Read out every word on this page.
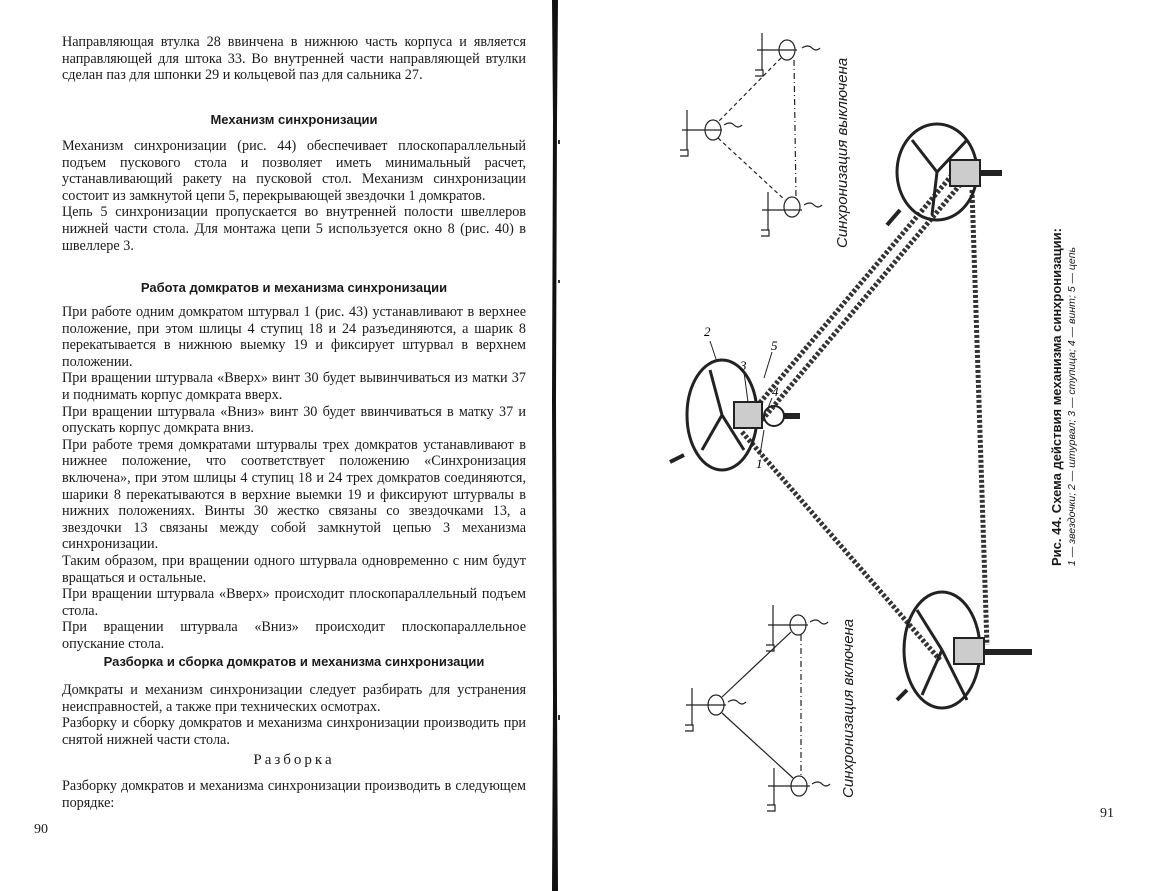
Направляющая втулка 28 ввинчена в нижнюю часть корпуса и является направляющей для штока 33. Во внутренней части направляющей втулки сделан паз для шпонки 29 и кольцевой паз для сальника 27.

Механизм синхронизации

Механизм синхронизации (рис. 44) обеспечивает плоскопараллельный подъем пускового стола и позволяет иметь минимальный расчет, устанавливающий ракету на пусковой стол. Механизм синхронизации состоит из замкнутой цепи 5, перекрывающей звездочки 1 домкратов.

Цепь 5 синхронизации пропускается во внутренней полости швеллеров нижней части стола. Для монтажа цепи 5 используется окно 8 (рис. 40) в швеллере 3.

Работа домкратов и механизма синхронизации

При работе одним домкратом штурвал 1 (рис. 43) устанавливают в верхнее положение, при этом шлицы 4 ступиц 18 и 24 разъединяются, а шарик 8 перекатывается в нижнюю выемку 19 и фиксирует штурвал в верхнем положении.

При вращении штурвала «Вверх» винт 30 будет вывинчиваться из матки 37 и поднимать корпус домкрата вверх.

При вращении штурвала «Вниз» винт 30 будет ввинчиваться в матку 37 и опускать корпус домкрата вниз.

При работе тремя домкратами штурвалы трех домкратов устанавливают в нижнее положение, что соответствует положению «Синхронизация включена», при этом шлицы 4 ступиц 18 и 24 трех домкратов соединяются, шарики 8 перекатываются в верхние выемки 19 и фиксируют штурвалы в нижних положениях. Винты 30 жестко связаны со звездочками 13, а звездочки 13 связаны между собой замкнутой цепью 3 механизма синхронизации.

Таким образом, при вращении одного штурвала одновременно с ним будут вращаться и остальные.

При вращении штурвала «Вверх» происходит плоскопараллельный подъем стола.

При вращении штурвала «Вниз» происходит плоскопараллельное опускание стола.

Разборка и сборка домкратов и механизма синхронизации

Домкраты и механизм синхронизации следует разбирать для устранения неисправностей, а также при технических осмотрах.

Разборку и сборку домкратов и механизма синхронизации производить при снятой нижней части стола.

Разборка

Разборку домкратов и механизма синхронизации производить в следующем порядке:

90
2
3
5
4
1
Синхронизация выключена
Синхронизация включена
Рис. 44. Схема действия механизма синхронизации: 1 — звездочки; 2 — штурвал; 3 — ступица; 4 — винт; 5 — цепь
91
